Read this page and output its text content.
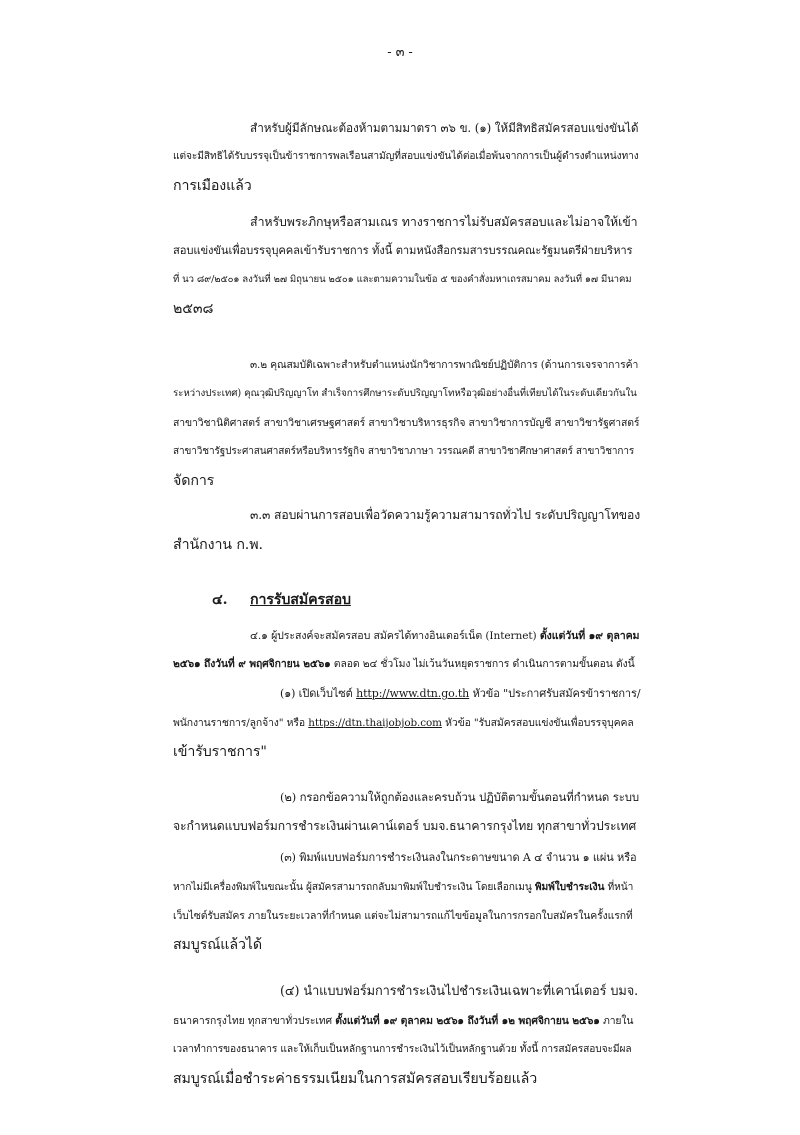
- ๓ -
สำหรับผู้มีลักษณะต้องห้ามตามมาตรา ๓๖ ข. (๑) ให้มีสิทธิสมัครสอบแข่งขันได้
แต่จะมีสิทธิได้รับบรรจุเป็นข้าราชการพลเรือนสามัญที่สอบแข่งขันได้ต่อเมื่อพ้นจากการเป็นผู้ดำรงตำแหน่งทาง
การเมืองแล้ว
สำหรับพระภิกษุหรือสามเณร ทางราชการไม่รับสมัครสอบและไม่อาจให้เข้า
สอบแข่งขันเพื่อบรรจุบุคคลเข้ารับราชการ ทั้งนี้ ตามหนังสือกรมสารบรรณคณะรัฐมนตรีฝ่ายบริหาร
ที่ นว ๘๙/๒๕๐๑ ลงวันที่ ๒๗ มิถุนายน ๒๕๐๑ และตามความในข้อ ๕ ของคำสั่งมหาเถรสมาคม ลงวันที่ ๑๗ มีนาคม
๒๕๓๘
๓.๒ คุณสมบัติเฉพาะสำหรับตำแหน่งนักวิชาการพาณิชย์ปฏิบัติการ (ด้านการเจรจาการค้า
ระหว่างประเทศ) คุณวุฒิปริญญาโท สำเร็จการศึกษาระดับปริญญาโทหรือวุฒิอย่างอื่นที่เทียบได้ในระดับเดียวกันใน
สาขาวิชานิติศาสตร์ สาขาวิชาเศรษฐศาสตร์ สาขาวิชาบริหารธุรกิจ สาขาวิชาการบัญชี สาขาวิชารัฐศาสตร์
สาขาวิชารัฐประศาสนศาสตร์หรือบริหารรัฐกิจ สาขาวิชาภาษา วรรณคดี สาขาวิชาศึกษาศาสตร์ สาขาวิชาการ
จัดการ
๓.๓ สอบผ่านการสอบเพื่อวัดความรู้ความสามารถทั่วไป ระดับปริญญาโทของ
สำนักงาน ก.พ.
๔. การรับสมัครสอบ
๔.๑ ผู้ประสงค์จะสมัครสอบ สมัครได้ทางอินเตอร์เน็ต (Internet) ตั้งแต่วันที่ ๑๙ ตุลาคม
๒๕๖๑ ถึงวันที่ ๙ พฤศจิกายน ๒๕๖๑ ตลอด ๒๔ ชั่วโมง ไม่เว้นวันหยุดราชการ ดำเนินการตามขั้นตอน ดังนี้
(๑) เปิดเว็บไซต์ http://www.dtn.go.th หัวข้อ "ประกาศรับสมัครข้าราชการ/
พนักงานราชการ/ลูกจ้าง" หรือ https://dtn.thaijobjob.com หัวข้อ "รับสมัครสอบแข่งขันเพื่อบรรจุบุคคล
เข้ารับราชการ"
(๒) กรอกข้อความให้ถูกต้องและครบถ้วน ปฏิบัติตามขั้นตอนที่กำหนด ระบบ
จะกำหนดแบบฟอร์มการชำระเงินผ่านเคาน์เตอร์ บมจ.ธนาคารกรุงไทย ทุกสาขาทั่วประเทศ
(๓) พิมพ์แบบฟอร์มการชำระเงินลงในกระดาษขนาด A ๔ จำนวน ๑ แผ่น หรือ
หากไม่มีเครื่องพิมพ์ในขณะนั้น ผู้สมัครสามารถกลับมาพิมพ์ใบชำระเงิน โดยเลือกเมนู พิมพ์ใบชำระเงิน ที่หน้า
เว็บไซต์รับสมัคร ภายในระยะเวลาที่กำหนด แต่จะไม่สามารถแก้ไขข้อมูลในการกรอกใบสมัครในครั้งแรกที่
สมบูรณ์แล้วได้
(๔) นำแบบฟอร์มการชำระเงินไปชำระเงินเฉพาะที่เคาน์เตอร์ บมจ.
ธนาคารกรุงไทย ทุกสาขาทั่วประเทศ ตั้งแต่วันที่ ๑๙ ตุลาคม ๒๕๖๑ ถึงวันที่ ๑๒ พฤศจิกายน ๒๕๖๑ ภายใน
เวลาทำการของธนาคาร และให้เก็บเป็นหลักฐานการชำระเงินไว้เป็นหลักฐานด้วย ทั้งนี้ การสมัครสอบจะมีผล
สมบูรณ์เมื่อชำระค่าธรรมเนียมในการสมัครสอบเรียบร้อยแล้ว
